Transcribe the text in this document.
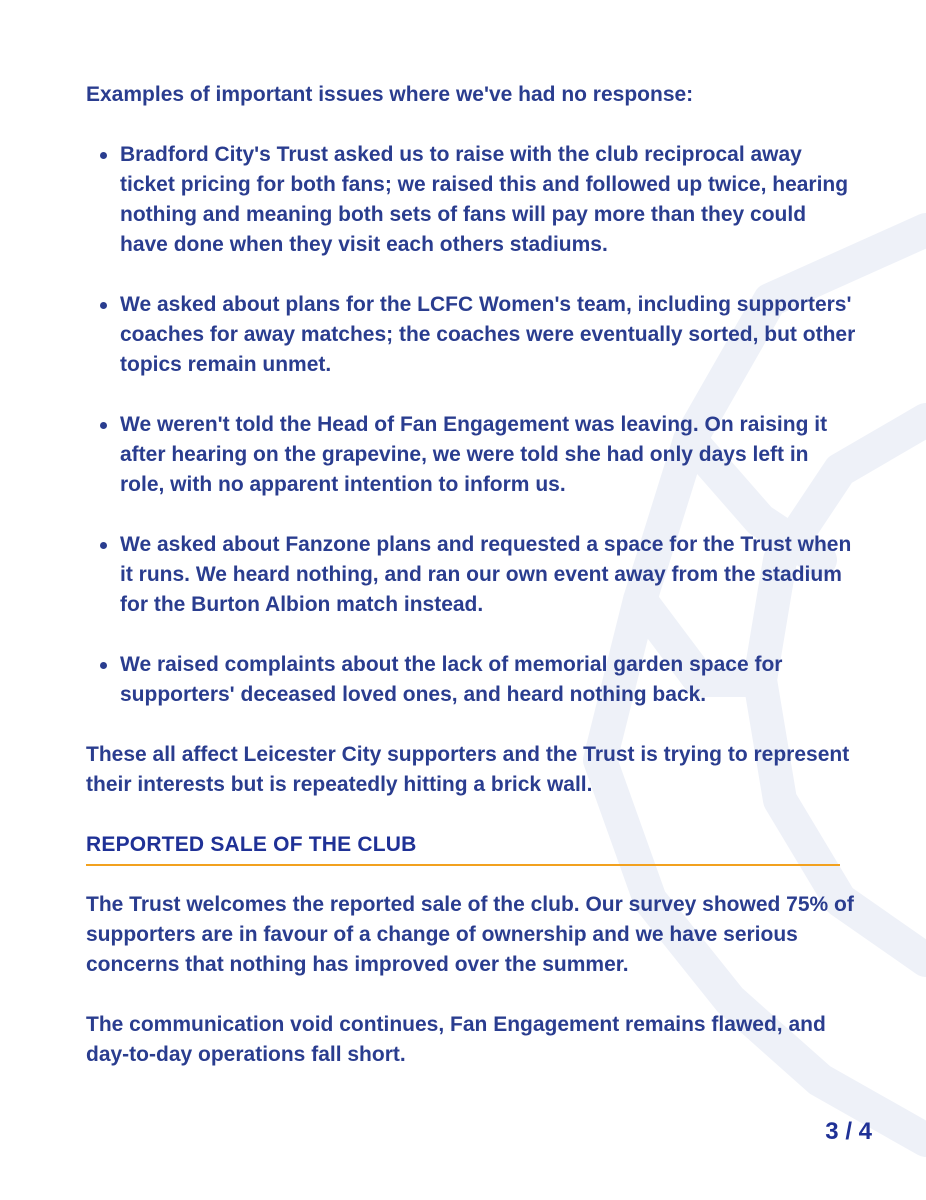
Examples of important issues where we've had no response:

Bradford City's Trust asked us to raise with the club reciprocal away ticket pricing for both fans; we raised this and followed up twice, hearing nothing and meaning both sets of fans will pay more than they could have done when they visit each others stadiums.
We asked about plans for the LCFC Women's team, including supporters' coaches for away matches; the coaches were eventually sorted, but other topics remain unmet.
We weren't told the Head of Fan Engagement was leaving. On raising it after hearing on the grapevine, we were told she had only days left in role, with no apparent intention to inform us.
We asked about Fanzone plans and requested a space for the Trust when it runs. We heard nothing, and ran our own event away from the stadium for the Burton Albion match instead.
We raised complaints about the lack of memorial garden space for supporters' deceased loved ones, and heard nothing back.

These all affect Leicester City supporters and the Trust is trying to represent their interests but is repeatedly hitting a brick wall.

REPORTED SALE OF THE CLUB

The Trust welcomes the reported sale of the club. Our survey showed 75% of supporters are in favour of a change of ownership and we have serious concerns that nothing has improved over the summer.

The communication void continues, Fan Engagement remains flawed, and day-to-day operations fall short.

3 / 4
